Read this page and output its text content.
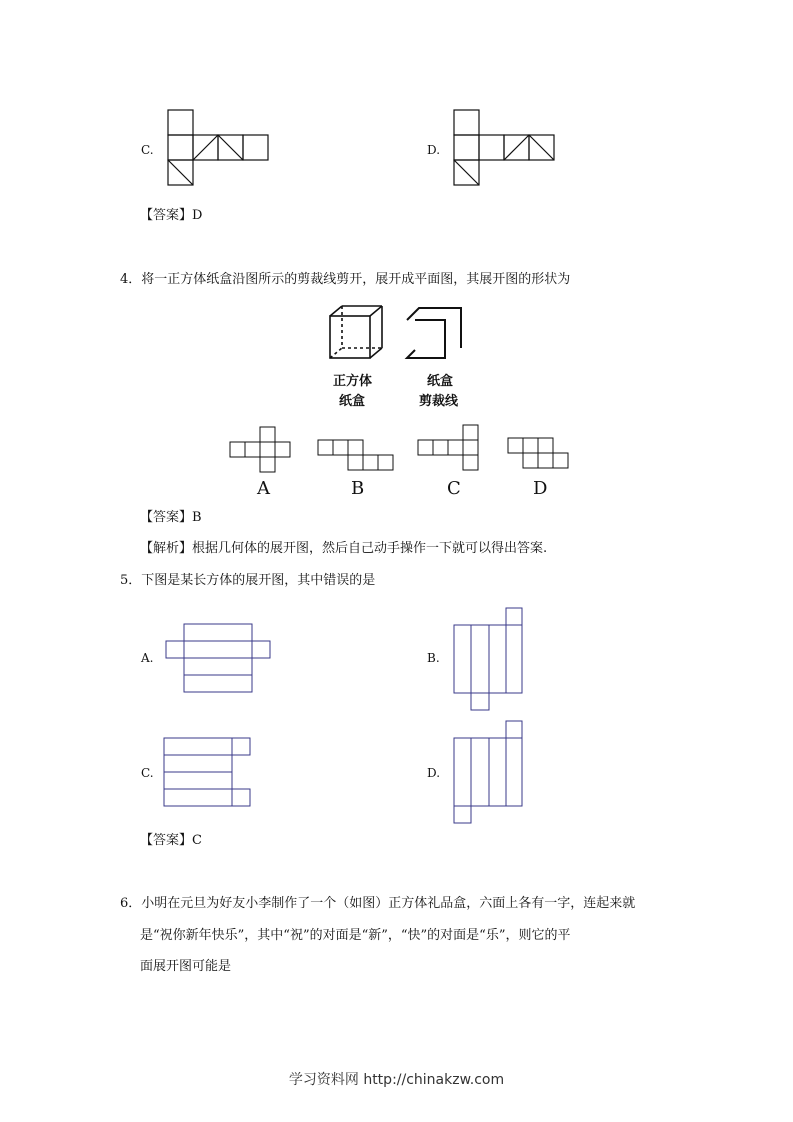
C.	D.
【答案】D
4．将一正方体纸盒沿图所示的剪裁线剪开，展开成平面图，其展开图的形状为
正方体
纸盒
纸盒
剪裁线
A	B	C	D
【答案】B
【解析】根据几何体的展开图，然后自己动手操作一下就可以得出答案.
5．下图是某长方体的展开图，其中错误的是
A.	B.
C.	D.
【答案】C
6．小明在元旦为好友小李制作了一个（如图）正方体礼品盒，六面上各有一字，连起来就
是“祝你新年快乐”，其中“祝”的对面是“新”，“快”的对面是“乐”，则它的平
面展开图可能是
学习资料网 http://chinakzw.com
